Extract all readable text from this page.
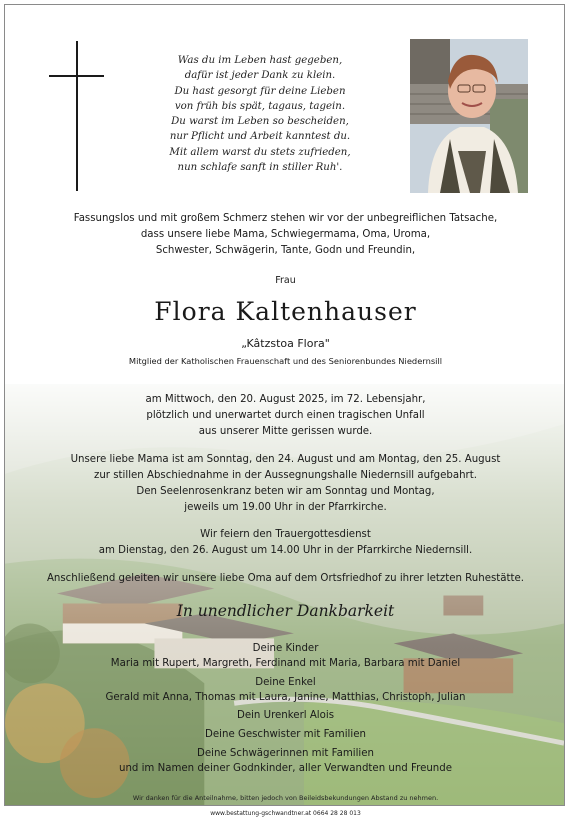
Was du im Leben hast gegeben,
dafür ist jeder Dank zu klein.
Du hast gesorgt für deine Lieben
von früh bis spät, tagaus, tagein.
Du warst im Leben so bescheiden,
nur Pflicht und Arbeit kanntest du.
Mit allem warst du stets zufrieden,
nun schlafe sanft in stiller Ruh'.
Fassungslos und mit großem Schmerz stehen wir vor der unbegreiflichen Tatsache,
dass unsere liebe Mama, Schwiegermama, Oma, Uroma,
Schwester, Schwägerin, Tante, Godn und Freundin,
Frau
Flora Kaltenhauser
„Kâtzstoa Flora"
Mitglied der Katholischen Frauenschaft und des Seniorenbundes Niedernsill
am Mittwoch, den 20. August 2025, im 72. Lebensjahr,
plötzlich und unerwartet durch einen tragischen Unfall
aus unserer Mitte gerissen wurde.
Unsere liebe Mama ist am Sonntag, den 24. August und am Montag, den 25. August
zur stillen Abschiednahme in der Aussegnungshalle Niedernsill aufgebahrt.
Den Seelenrosenkranz beten wir am Sonntag und Montag,
jeweils um 19.00 Uhr in der Pfarrkirche.
Wir feiern den Trauergottesdienst
am Dienstag, den 26. August um 14.00 Uhr in der Pfarrkirche Niedernsill.
Anschließend geleiten wir unsere liebe Oma auf dem Ortsfriedhof zu ihrer letzten Ruhestätte.
In unendlicher Dankbarkeit
Deine Kinder
Maria mit Rupert, Margreth, Ferdinand mit Maria, Barbara mit Daniel
Deine Enkel
Gerald mit Anna, Thomas mit Laura, Janine, Matthias, Christoph, Julian
Dein Urenkerl Alois
Deine Geschwister mit Familien
Deine Schwägerinnen mit Familien
und im Namen deiner Godnkinder, aller Verwandten und Freunde
Wir danken für die Anteilnahme, bitten jedoch von Beileidsbekundungen Abstand zu nehmen.
www.bestattung-gschwandtner.at 0664 28 28 013
